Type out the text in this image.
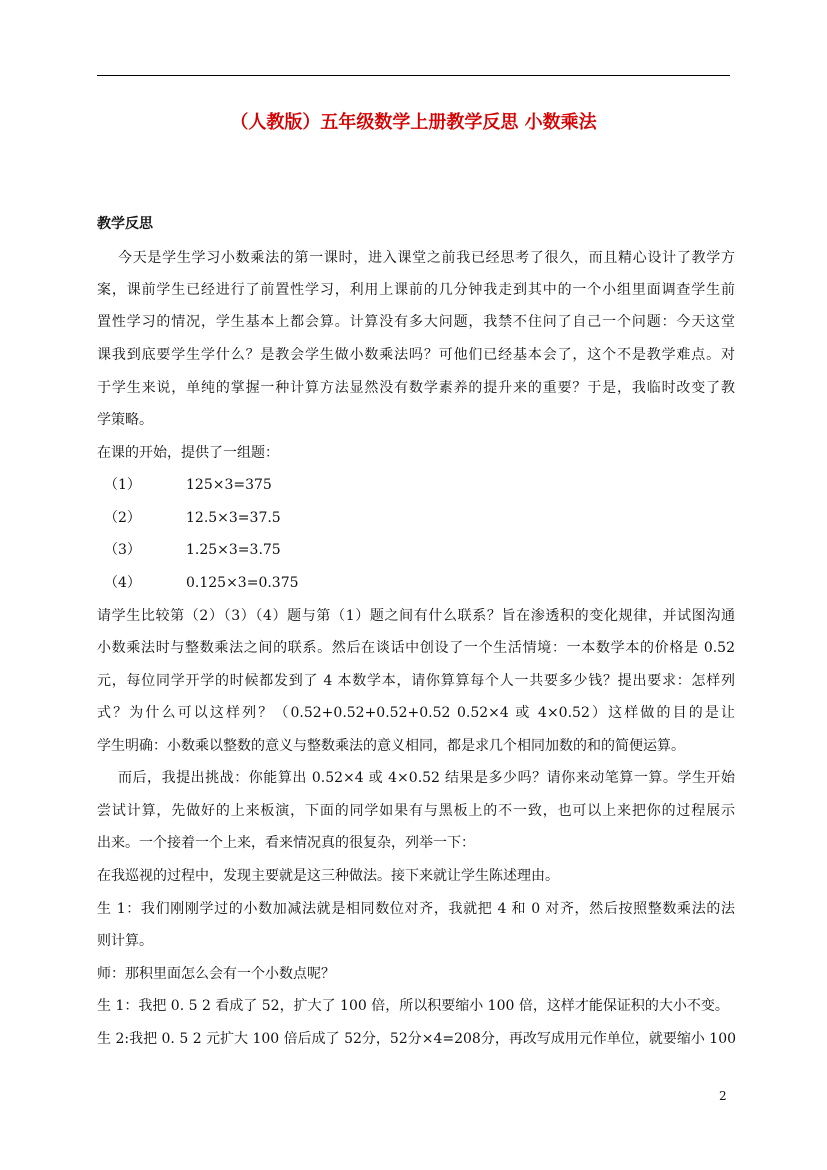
（人教版）五年级数学上册教学反思 小数乘法
教学反思
今天是学生学习小数乘法的第一课时，进入课堂之前我已经思考了很久，而且精心设计了教学方
案，课前学生已经进行了前置性学习，利用上课前的几分钟我走到其中的一个小组里面调查学生前
置性学习的情况，学生基本上都会算。计算没有多大问题，我禁不住问了自己一个问题：今天这堂
课我到底要学生学什么？是教会学生做小数乘法吗？可他们已经基本会了，这个不是教学难点。对
于学生来说，单纯的掌握一种计算方法显然没有数学素养的提升来的重要？于是，我临时改变了教
学策略。
在课的开始，提供了一组题：
（1）	125×3=375
（2）	12.5×3=37.5
（3）	1.25×3=3.75
（4）	0.125×3=0.375
请学生比较第（2）（3）（4）题与第（1）题之间有什么联系？旨在渗透积的变化规律，并试图沟通
小数乘法时与整数乘法之间的联系。然后在谈话中创设了一个生活情境：一本数学本的价格是 0.52
元，每位同学开学的时候都发到了 4 本数学本，请你算算每个人一共要多少钱？提出要求：怎样列
式？为什么可以这样列？（0.52+0.52+0.52+0.52 0.52×4 或 4×0.52）这样做的目的是让
学生明确：小数乘以整数的意义与整数乘法的意义相同，都是求几个相同加数的和的简便运算。
而后，我提出挑战：你能算出 0.52×4 或 4×0.52 结果是多少吗？请你来动笔算一算。学生开始
尝试计算，先做好的上来板演，下面的同学如果有与黑板上的不一致，也可以上来把你的过程展示
出来。一个接着一个上来，看来情况真的很复杂，列举一下：
在我巡视的过程中，发现主要就是这三种做法。接下来就让学生陈述理由。
生 1：我们刚刚学过的小数加减法就是相同数位对齐，我就把 4 和 0 对齐，然后按照整数乘法的法
则计算。
师：那积里面怎么会有一个小数点呢？
生 1：我把 0. 5 2 看成了 52，扩大了 100 倍，所以积要缩小 100 倍，这样才能保证积的大小不变。
生 2:我把 0. 5 2 元扩大 100 倍后成了 52分，52分×4=208分，再改写成用元作单位，就要缩小 100
2
